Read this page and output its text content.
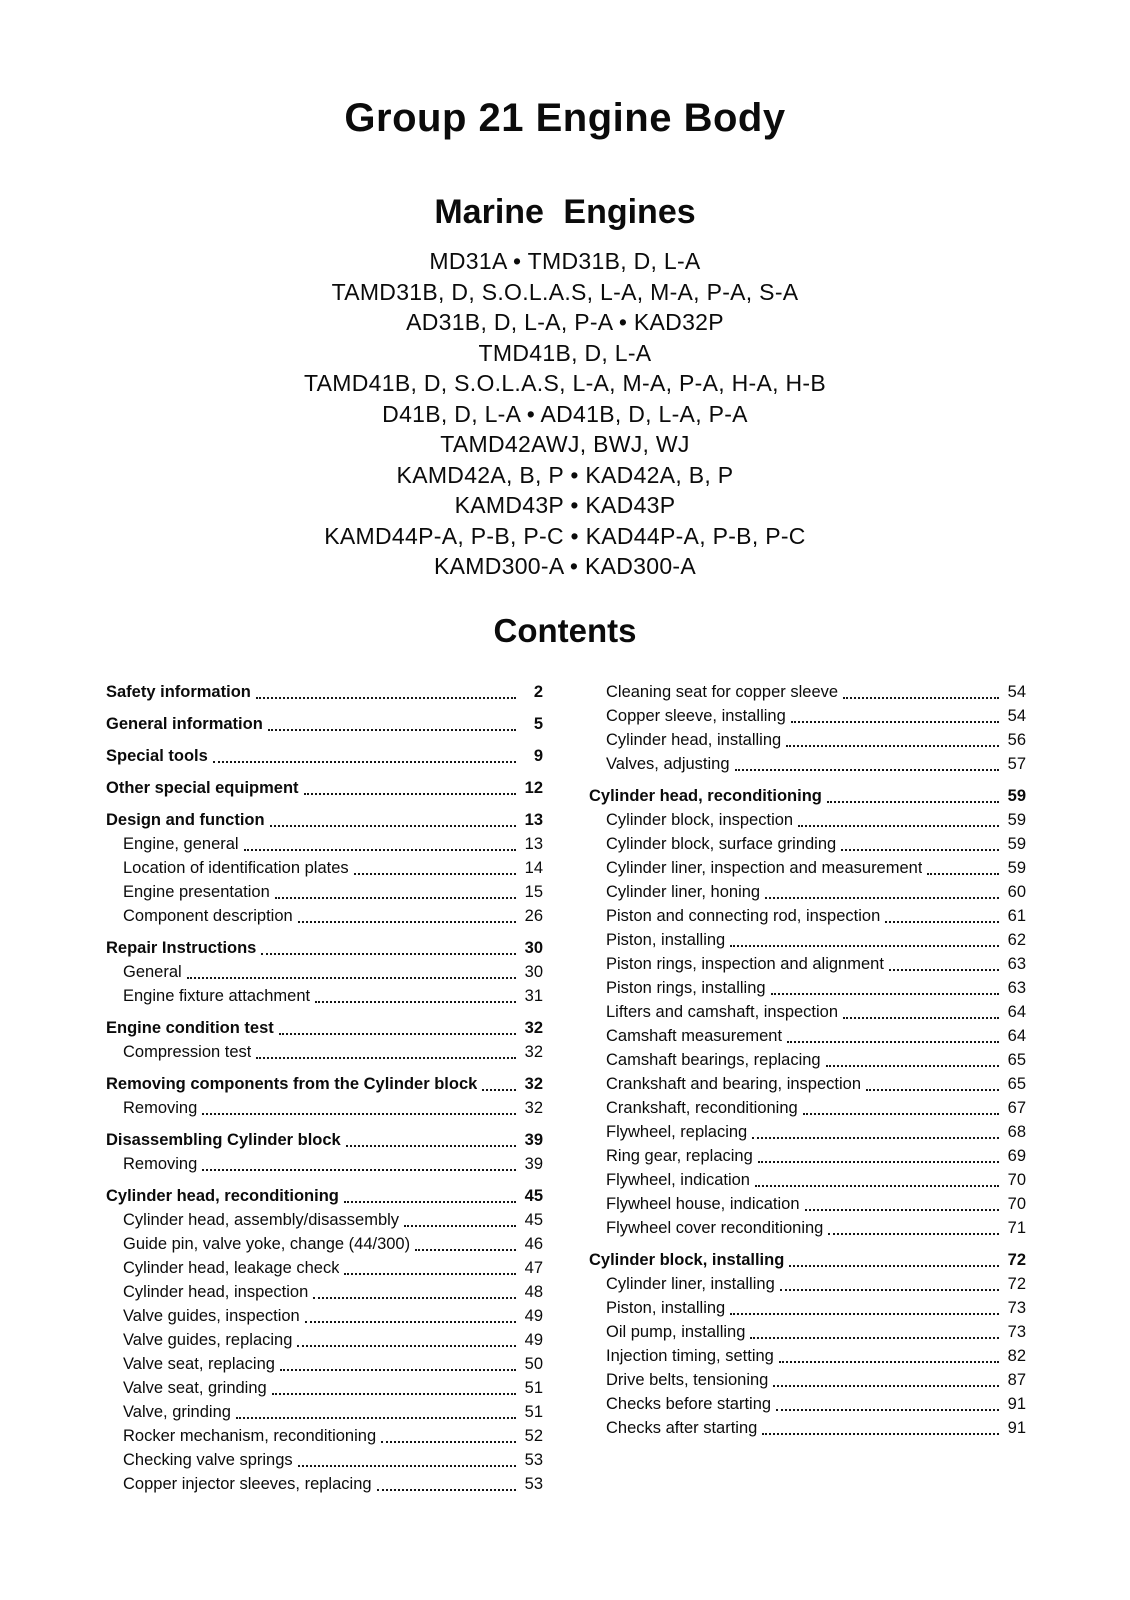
Group 21 Engine Body
Marine Engines
MD31A • TMD31B, D, L-A
TAMD31B, D, S.O.L.A.S, L-A, M-A, P-A, S-A
AD31B, D, L-A, P-A • KAD32P
TMD41B, D, L-A
TAMD41B, D, S.O.L.A.S, L-A, M-A, P-A, H-A, H-B
D41B, D, L-A • AD41B, D, L-A, P-A
TAMD42AWJ, BWJ, WJ
KAMD42A, B, P • KAD42A, B, P
KAMD43P • KAD43P
KAMD44P-A, P-B, P-C • KAD44P-A, P-B, P-C
KAMD300-A • KAD300-A
Contents
Safety information	2
General information	5
Special tools	9
Other special equipment	12
Design and function	13
Engine, general	13
Location of identification plates	14
Engine presentation	15
Component description	26
Repair Instructions	30
General	30
Engine fixture attachment	31
Engine condition test	32
Compression test	32
Removing components from the Cylinder block	32
Removing	32
Disassembling Cylinder block	39
Removing	39
Cylinder head, reconditioning	45
Cylinder head, assembly/disassembly	45
Guide pin, valve yoke, change (44/300)	46
Cylinder head, leakage check	47
Cylinder head, inspection	48
Valve guides, inspection	49
Valve guides, replacing	49
Valve seat, replacing	50
Valve seat, grinding	51
Valve, grinding	51
Rocker mechanism, reconditioning	52
Checking valve springs	53
Copper injector sleeves, replacing	53
Cleaning seat for copper sleeve	54
Copper sleeve, installing	54
Cylinder head, installing	56
Valves, adjusting	57
Cylinder head, reconditioning	59
Cylinder block, inspection	59
Cylinder block, surface grinding	59
Cylinder liner, inspection and measurement	59
Cylinder liner, honing	60
Piston and connecting rod, inspection	61
Piston, installing	62
Piston rings, inspection and alignment	63
Piston rings, installing	63
Lifters and camshaft, inspection	64
Camshaft measurement	64
Camshaft bearings, replacing	65
Crankshaft and bearing, inspection	65
Crankshaft, reconditioning	67
Flywheel, replacing	68
Ring gear, replacing	69
Flywheel, indication	70
Flywheel house, indication	70
Flywheel cover reconditioning	71
Cylinder block, installing	72
Cylinder liner, installing	72
Piston, installing	73
Oil pump, installing	73
Injection timing, setting	82
Drive belts, tensioning	87
Checks before starting	91
Checks after starting	91
